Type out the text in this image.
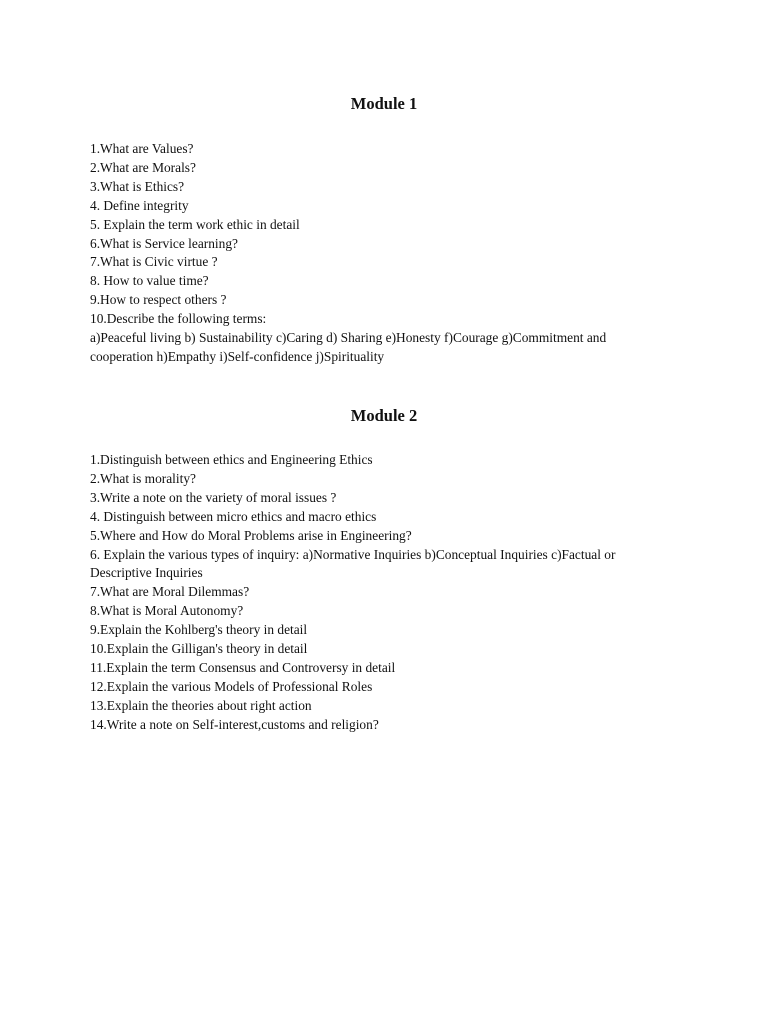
Module 1
1.What are Values?
2.What are Morals?
3.What is Ethics?
4. Define integrity
5. Explain the term work ethic in detail
6.What is Service learning?
7.What is Civic virtue ?
8. How to value time?
9.How to respect others ?
10.Describe the following terms:
a)Peaceful living b) Sustainability c)Caring d) Sharing e)Honesty f)Courage g)Commitment and cooperation h)Empathy i)Self-confidence j)Spirituality
Module 2
1.Distinguish between ethics and Engineering Ethics
2.What is morality?
3.Write a note on the variety of moral issues ?
4. Distinguish between micro ethics and macro ethics
5.Where and How do Moral Problems arise in Engineering?
6. Explain the various types of inquiry: a)Normative Inquiries b)Conceptual Inquiries c)Factual or Descriptive Inquiries
7.What are Moral Dilemmas?
8.What is Moral Autonomy?
9.Explain the Kohlberg's theory in detail
10.Explain the Gilligan's theory in detail
11.Explain the term Consensus and Controversy in detail
12.Explain the various Models of Professional Roles
13.Explain the theories about right action
14.Write a note on Self-interest,customs and religion?
